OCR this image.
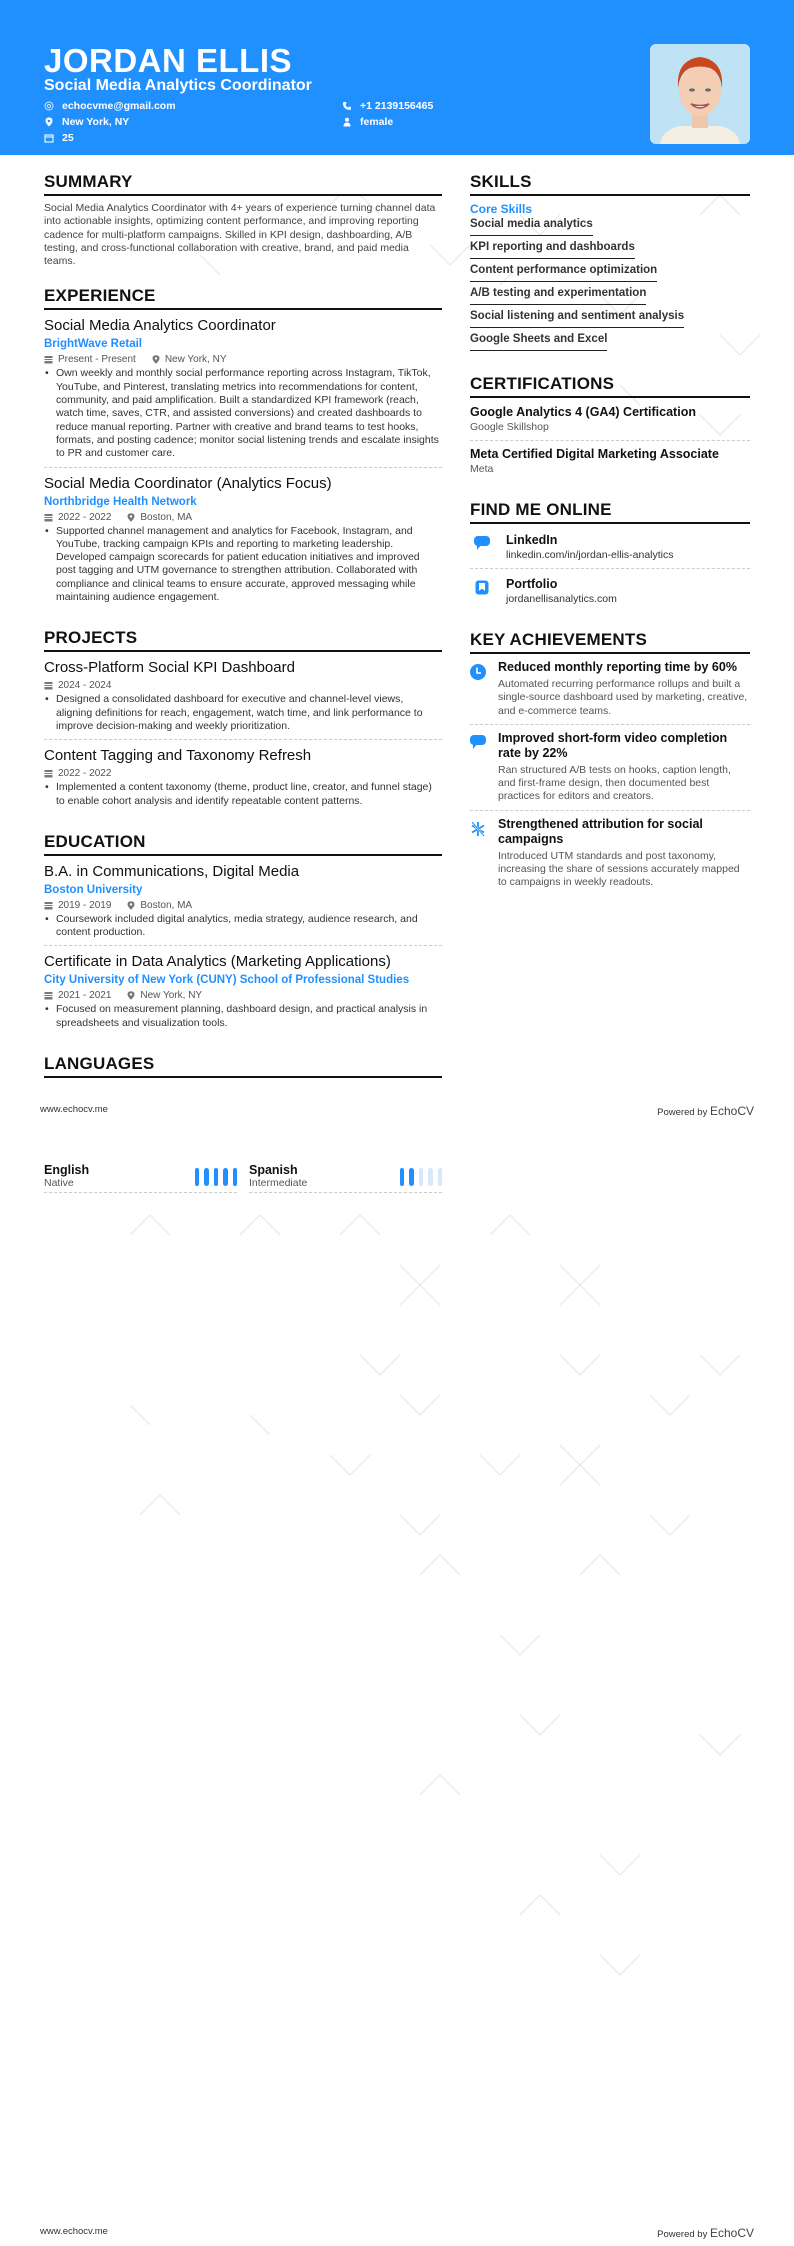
JORDAN ELLIS
Social Media Analytics Coordinator
echocvme@gmail.com	+1 2139156465
New York, NY	female
25
SUMMARY

Social Media Analytics Coordinator with 4+ years of experience turning channel data into actionable insights, optimizing content performance, and improving reporting cadence for multi-platform campaigns. Skilled in KPI design, dashboarding, A/B testing, and cross-functional collaboration with creative, brand, and paid media teams.

EXPERIENCE
Social Media Analytics Coordinator
BrightWave Retail
Present - Present	New York, NY
• Own weekly and monthly social performance reporting across Instagram, TikTok, YouTube, and Pinterest, translating metrics into recommendations for content, community, and paid amplification. Built a standardized KPI framework (reach, watch time, saves, CTR, and assisted conversions) and created dashboards to reduce manual reporting. Partner with creative and brand teams to test hooks, formats, and posting cadence; monitor social listening trends and escalate insights to PR and customer care.
Social Media Coordinator (Analytics Focus)
Northbridge Health Network
2022 - 2022	Boston, MA
• Supported channel management and analytics for Facebook, Instagram, and YouTube, tracking campaign KPIs and reporting to marketing leadership. Developed campaign scorecards for patient education initiatives and improved post tagging and UTM governance to strengthen attribution. Collaborated with compliance and clinical teams to ensure accurate, approved messaging while maintaining audience engagement.
PROJECTS
Cross-Platform Social KPI Dashboard
2024 - 2024
• Designed a consolidated dashboard for executive and channel-level views, aligning definitions for reach, engagement, watch time, and link performance to improve decision-making and weekly prioritization.
Content Tagging and Taxonomy Refresh
2022 - 2022
• Implemented a content taxonomy (theme, product line, creator, and funnel stage) to enable cohort analysis and identify repeatable content patterns.
EDUCATION
B.A. in Communications, Digital Media
Boston University
2019 - 2019	Boston, MA
• Coursework included digital analytics, media strategy, audience research, and content production.
Certificate in Data Analytics (Marketing Applications)
City University of New York (CUNY) School of Professional Studies
2021 - 2021	New York, NY
• Focused on measurement planning, dashboard design, and practical analysis in spreadsheets and visualization tools.
LANGUAGES
SKILLS
Core Skills
Social media analytics
KPI reporting and dashboards
Content performance optimization
A/B testing and experimentation
Social listening and sentiment analysis
Google Sheets and Excel
CERTIFICATIONS
Google Analytics 4 (GA4) Certification
Google Skillshop
Meta Certified Digital Marketing Associate
Meta
FIND ME ONLINE
LinkedIn
linkedin.com/in/jordan-ellis-analytics
Portfolio
jordanellisanalytics.com
KEY ACHIEVEMENTS
Reduced monthly reporting time by 60%
Automated recurring performance rollups and built a single-source dashboard used by marketing, creative, and e-commerce teams.
Improved short-form video completion rate by 22%
Ran structured A/B tests on hooks, caption length, and first-frame design, then documented best practices for editors and creators.
Strengthened attribution for social campaigns
Introduced UTM standards and post taxonomy, increasing the share of sessions accurately mapped to campaigns in weekly readouts.
www.echocv.me	Powered by EchoCV
English
Native
Spanish
Intermediate
www.echocv.me	Powered by EchoCV
